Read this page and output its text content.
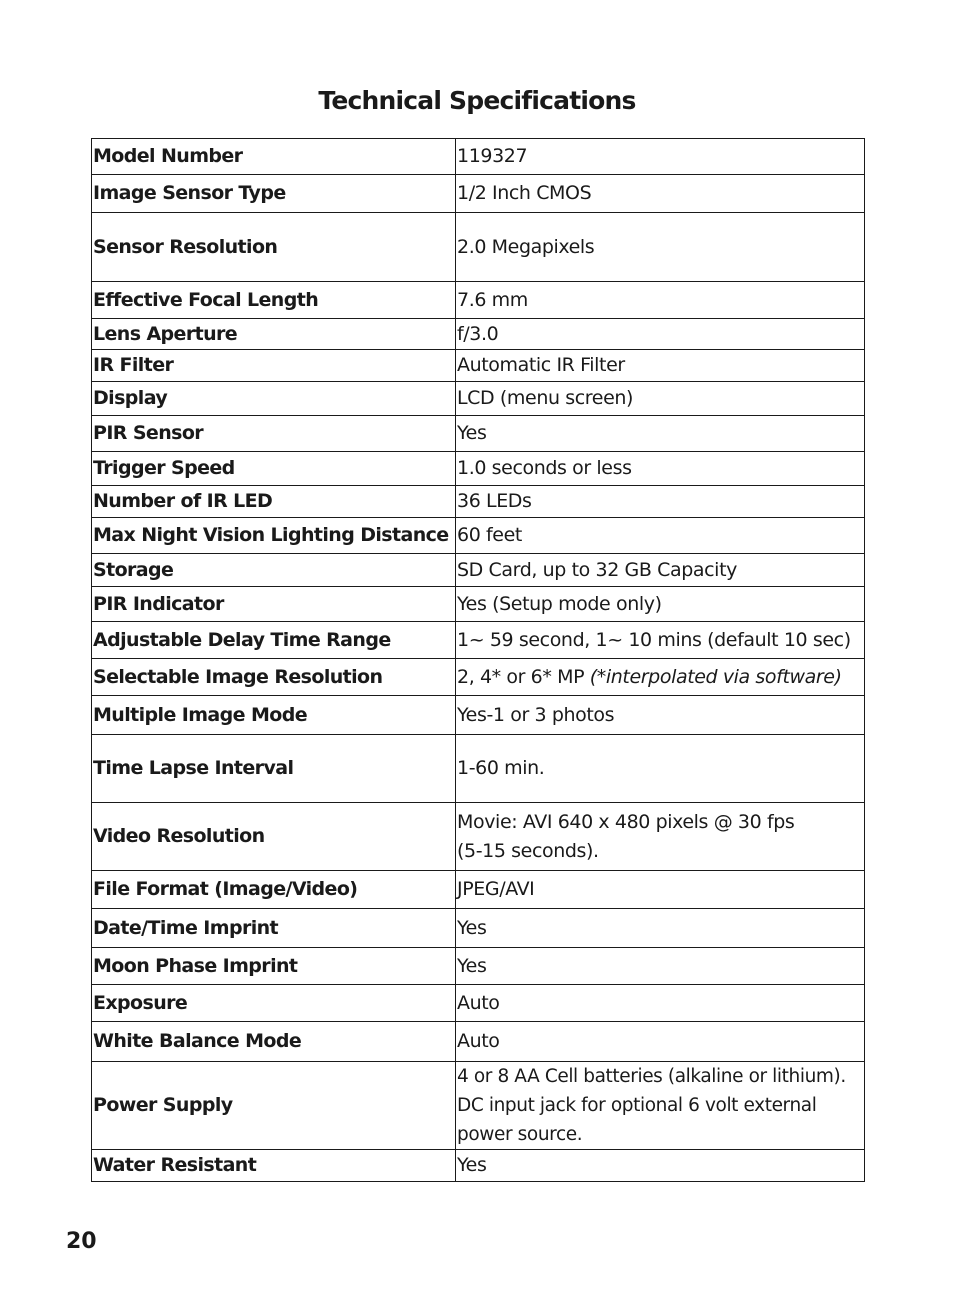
Technical Specifications
Model Number	119327
Image Sensor Type	1/2 Inch CMOS
Sensor Resolution	2.0 Megapixels
Effective Focal Length	7.6 mm
Lens Aperture	f/3.0
IR Filter	Automatic IR Filter
Display	LCD (menu screen)
PIR Sensor	Yes
Trigger Speed	1.0 seconds or less
Number of IR LED	36 LEDs
Max Night Vision Lighting Distance	60 feet
Storage	SD Card, up to 32 GB Capacity
PIR Indicator	Yes (Setup mode only)
Adjustable Delay Time Range	1~ 59 second, 1~ 10 mins (default 10 sec)
Selectable Image Resolution	2, 4* or 6* MP (*interpolated via software)
Multiple Image Mode	Yes-1 or 3 photos
Time Lapse Interval	1-60 min.
Video Resolution	Movie: AVI 640 x 480 pixels @ 30 fps
(5-15 seconds).
File Format (Image/Video)	JPEG/AVI
Date/Time Imprint	Yes
Moon Phase Imprint	Yes
Exposure	Auto
White Balance Mode	Auto
Power Supply	4 or 8 AA Cell batteries (alkaline or lithium).
DC input jack for optional 6 volt external
power source.
Water Resistant	Yes
20
